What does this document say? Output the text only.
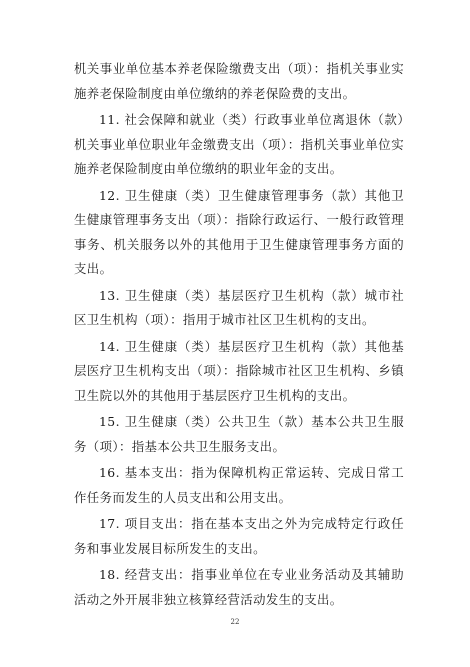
机关事业单位基本养老保险缴费支出（项）：指机关事业实施养老保险制度由单位缴纳的养老保险费的支出。

11. 社会保障和就业（类）行政事业单位离退休（款）机关事业单位职业年金缴费支出（项）：指机关事业单位实施养老保险制度由单位缴纳的职业年金的支出。

12. 卫生健康（类）卫生健康管理事务（款）其他卫生健康管理事务支出（项）：指除行政运行、一般行政管理事务、机关服务以外的其他用于卫生健康管理事务方面的支出。

13. 卫生健康（类）基层医疗卫生机构（款）城市社区卫生机构（项）：指用于城市社区卫生机构的支出。

14. 卫生健康（类）基层医疗卫生机构（款）其他基层医疗卫生机构支出（项）：指除城市社区卫生机构、乡镇卫生院以外的其他用于基层医疗卫生机构的支出。

15. 卫生健康（类）公共卫生（款）基本公共卫生服务（项）：指基本公共卫生服务支出。

16. 基本支出：指为保障机构正常运转、完成日常工作任务而发生的人员支出和公用支出。

17. 项目支出：指在基本支出之外为完成特定行政任务和事业发展目标所发生的支出。

18. 经营支出：指事业单位在专业业务活动及其辅助活动之外开展非独立核算经营活动发生的支出。

22
